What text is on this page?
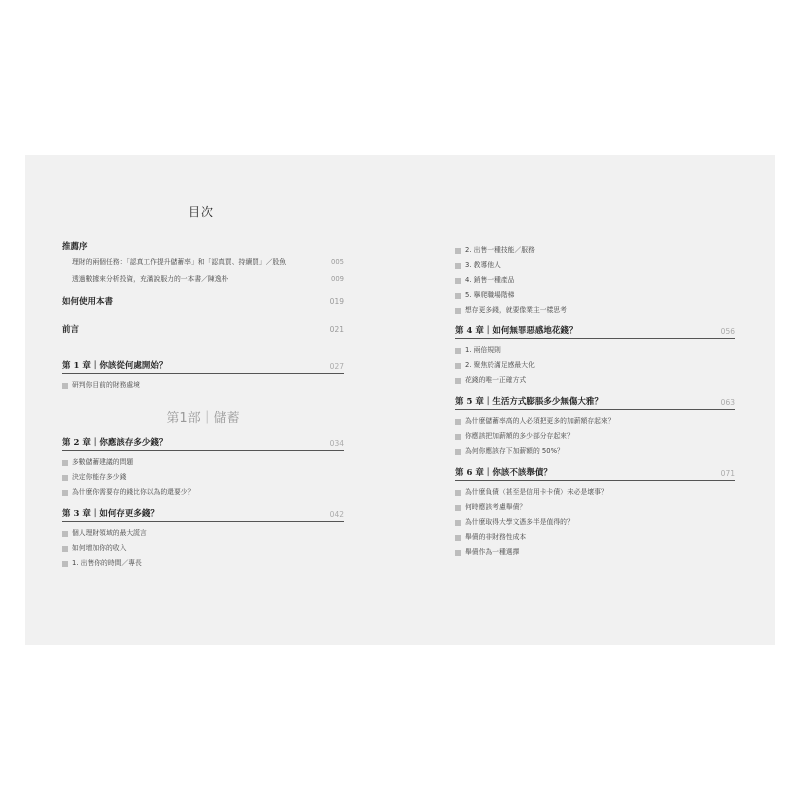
目次
推薦序
理財的兩個任務：「認真工作提升儲蓄率」和「認真買、持續買」／股魚	005
透過數據來分析投資，充滿說服力的一本書／陳逸朴	009
如何使用本書	019
前言	021
第 1 章｜你該從何處開始？	027
研判你目前的財務處境
第1部｜儲蓄
第 2 章｜你應該存多少錢？	034
多數儲蓄建議的問題
決定你能存多少錢
為什麼你需要存的錢比你以為的還要少？
第 3 章｜如何存更多錢？	042
個人理財領域的最大謊言
如何增加你的收入
1. 出售你的時間／專長
2. 出售一種技能／服務
3. 教導他人
4. 銷售一種產品
5. 擧爬職場階梯
想存更多錢，就要像業主一樣思考
第 4 章｜如何無罪惡感地花錢？	056
1. 兩倍規則
2. 聚焦於滿足感最大化
花錢的唯一正確方式
第 5 章｜生活方式膨脹多少無傷大雅？	063
為什麼儲蓄率高的人必須把更多的加薪額存起來？
你應該把加薪額的多少部分存起來？
為何你應該存下加薪額的 50%？
第 6 章｜你該不該舉債？	071
為什麼負債（甚至是信用卡卡債）未必是壞事？
何時應該考慮舉債？
為什麼取得大學文憑多半是值得的？
舉債的非財務性成本
舉債作為一種選擇
